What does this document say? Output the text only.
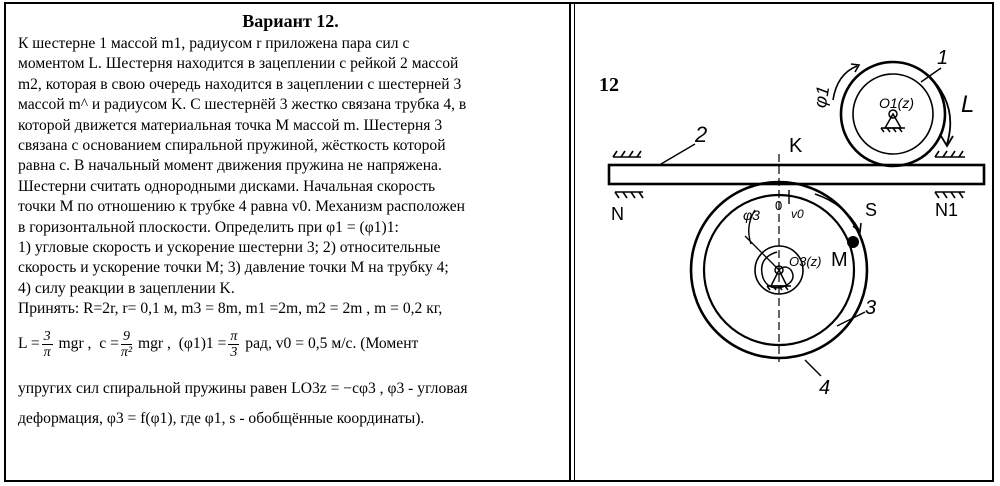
Вариант 12.

К шестерне 1 массой m1, радиусом r приложена пара сил с

моментом L. Шестерня находится в зацеплении с рейкой 2 массой

m2, которая в свою очередь находится в зацеплении с шестерней 3

массой m^ и радиусом K. С шестернёй 3 жестко связана трубка 4, в

которой движется материальная точка M массой m. Шестерня 3

связана с основанием спиральной пружиной, жёсткость которой

равна c. В начальный момент движения пружина не напряжена.

Шестерни считать однородными дисками. Начальная скорость

точки M по отношению к трубке 4 равна v0. Механизм расположен

в горизонтальной плоскости. Определить при φ1 = (φ1)1:

1) угловые скорость и ускорение шестерни 3; 2) относительные

скорость и ускорение точки M; 3) давление точки M на трубку 4;

4) силу реакции в зацеплении K.

Принять: R=2r, r= 0,1 м, m3 = 8m, m1 =2m, m2 = 2m , m = 0,2 кг,

$L = \frac{3}{\pi}$ mgr ,  $c = \frac{9}{\text{π²}}$ mgr ,  $(\varphi 1)1 = \frac{\pi}{3}$ рад, v0 = 0,5 м/с. (Момент

упругих сил спиральной пружины равен LO3z = −cφ3 , φ3 - угловая

деформация, φ3 = f(φ1), где φ1, s - обобщённые координаты).

12
1
2
3
4
φ1	O1(z) L
K
S
N	N1
φ3
0
v0
O3(z) M
